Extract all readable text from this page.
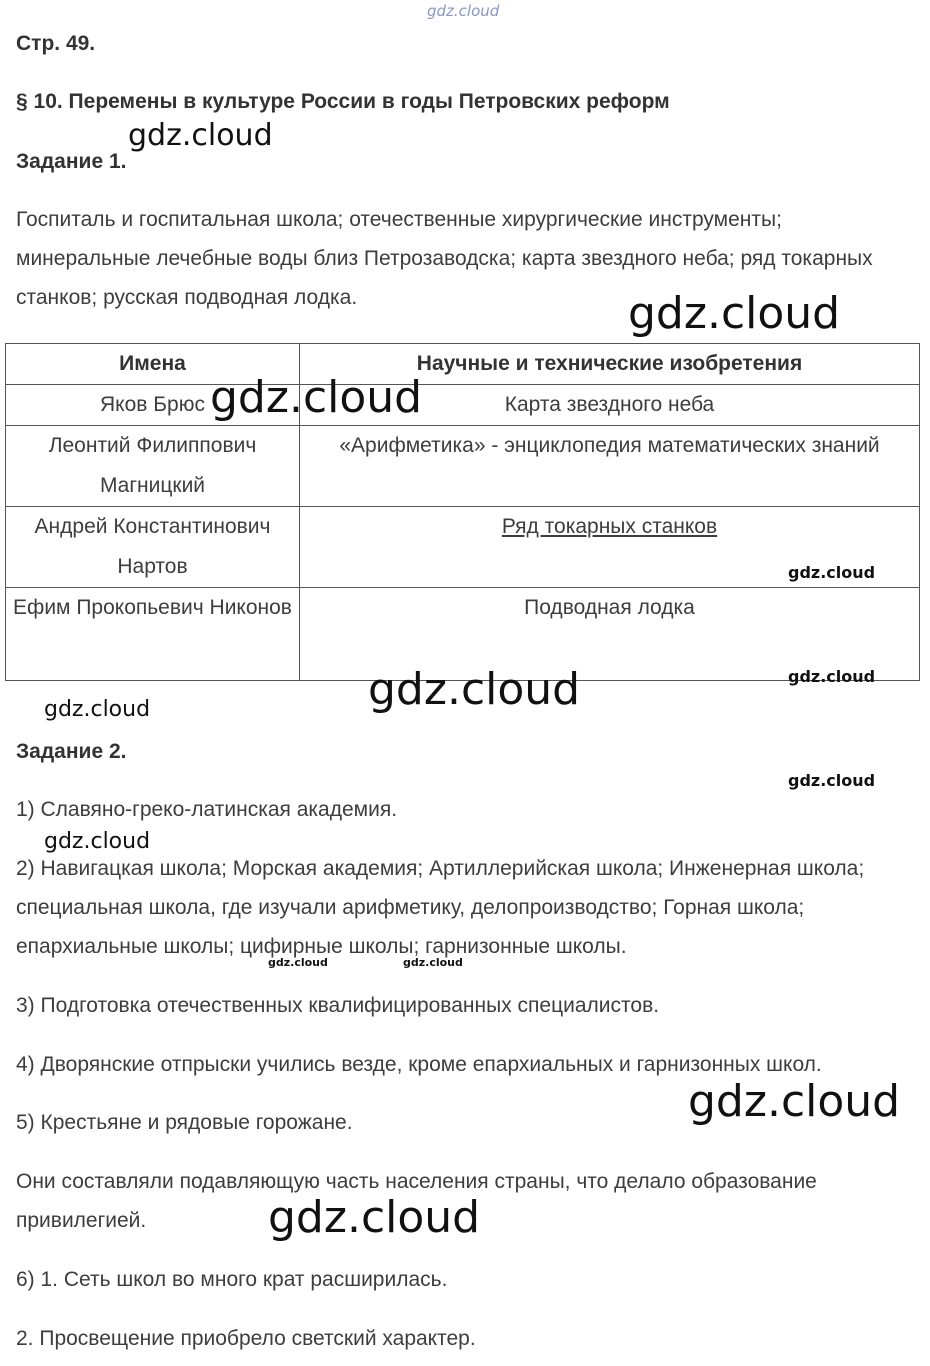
gdz.cloud
Стр. 49.
§ 10. Перемены в культуре России в годы Петровских реформ
gdz.cloud
Задание 1.
Госпиталь и госпитальная школа; отечественные хирургические инструменты; минеральные лечебные воды близ Петрозаводска; карта звездного неба; ряд токарных станков; русская подводная лодка.	gdz.cloud
Имена	Научные и технические изобретения
Яков Брюс	Карта звездного неба
Леонтий Филиппович Магницкий	«Арифметика» - энциклопедия математических знаний
Андрей Константинович Нартов	Ряд токарных станков
Ефим Прокопьевич Никонов	Подводная лодка
gdz.cloud
gdz.cloud
gdz.cloud
gdz.cloud
gdz.cloud
Задание 2.
gdz.cloud
1) Славяно-греко-латинская академия.
gdz.cloud
2) Навигацкая школа; Морская академия; Артиллерийская школа; Инженерная школа; специальная школа, где изучали арифметику, делопроизводство; Горная школа; епархиальные школы; цифирные школы; гарнизонные школы.
gdz.cloud	gdz.cloud
3) Подготовка отечественных квалифицированных специалистов.
4) Дворянские отпрыски учились везде, кроме епархиальных и гарнизонных школ.
gdz.cloud
5) Крестьяне и рядовые горожане.
Они составляли подавляющую часть населения страны, что делало образование привилегией.	gdz.cloud
6) 1. Сеть школ во много крат расширилась.
2. Просвещение приобрело светский характер.
